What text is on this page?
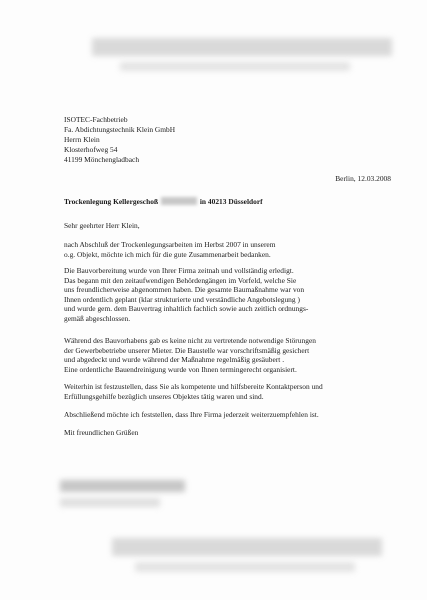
ISOTEC-Fachbetrieb
Fa. Abdichtungstechnik Klein GmbH
Herrn Klein
Klosterhofweg 54
41199 Mönchengladbach
Berlin, 12.03.2008
Trockenlegung Kellergeschoß	in 40213 Düsseldorf
Sehr geehrter Herr Klein,
nach Abschluß der Trockenlegungsarbeiten im Herbst 2007 in unserem
o.g. Objekt, möchte ich mich für die gute Zusammenarbeit bedanken.
Die Bauvorbereitung wurde von Ihrer Firma zeitnah und vollständig erledigt.
Das begann mit den zeitaufwendigen Behördengängen im Vorfeld, welche Sie
uns freundlicherweise abgenommen haben. Die gesamte Baumaßnahme war von
Ihnen ordentlich geplant (klar strukturierte und verständliche Angebotslegung )
und wurde gem. dem Bauvertrag inhaltlich fachlich sowie auch zeitlich ordnungs-
gemäß abgeschlossen.
Während des Bauvorhabens gab es keine nicht zu vertretende notwendige Störungen
der Gewerbebetriebe unserer Mieter. Die Baustelle war vorschriftsmäßig gesichert
und abgedeckt und wurde während der Maßnahme regelmäßig gesäubert .
Eine ordentliche Bauendreinigung wurde von Ihnen termingerecht organisiert.
Weiterhin ist festzustellen, dass Sie als kompetente und hilfsbereite Kontaktperson und
Erfüllungsgehilfe bezüglich unseres Objektes tätig waren und sind.
Abschließend möchte ich feststellen, dass Ihre Firma jederzeit weiterzuempfehlen ist.
Mit freundlichen Grüßen
